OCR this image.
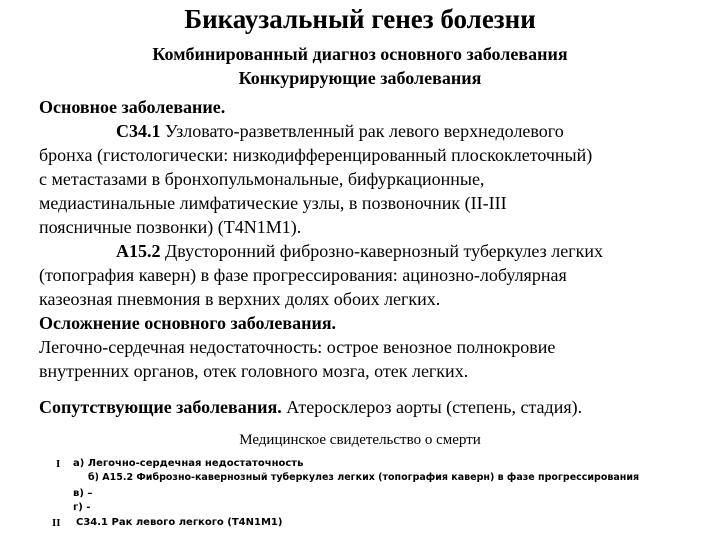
Бикаузальный генез болезни
Комбинированный диагноз основного заболевания
Конкурирующие заболевания
Основное заболевание.
С34.1 Узловато-разветвленный рак левого верхнедолевого
бронха (гистологически: низкодифференцированный плоскоклеточный)
с метастазами в бронхопульмональные, бифуркационные,
медиастинальные лимфатические узлы, в позвоночник (II-III
поясничные позвонки) (T4N1M1).
А15.2 Двусторонний фиброзно-кавернозный туберкулез легких
(топография каверн) в фазе прогрессирования: ацинозно-лобулярная
казеозная пневмония в верхних долях обоих легких.
Осложнение основного заболевания.
Легочно-сердечная недостаточность: острое венозное полнокровие
внутренних органов, отек головного мозга, отек легких.
Сопутствующие заболевания. Атеросклероз аорты (степень, стадия).
Медицинское свидетельство о смерти
I а) Легочно-сердечная недостаточность
б) А15.2 Фиброзно-кавернозный туберкулез легких (топография каверн) в фазе прогрессирования
в) –
г) -
II С34.1 Рак левого легкого (T4N1M1)
